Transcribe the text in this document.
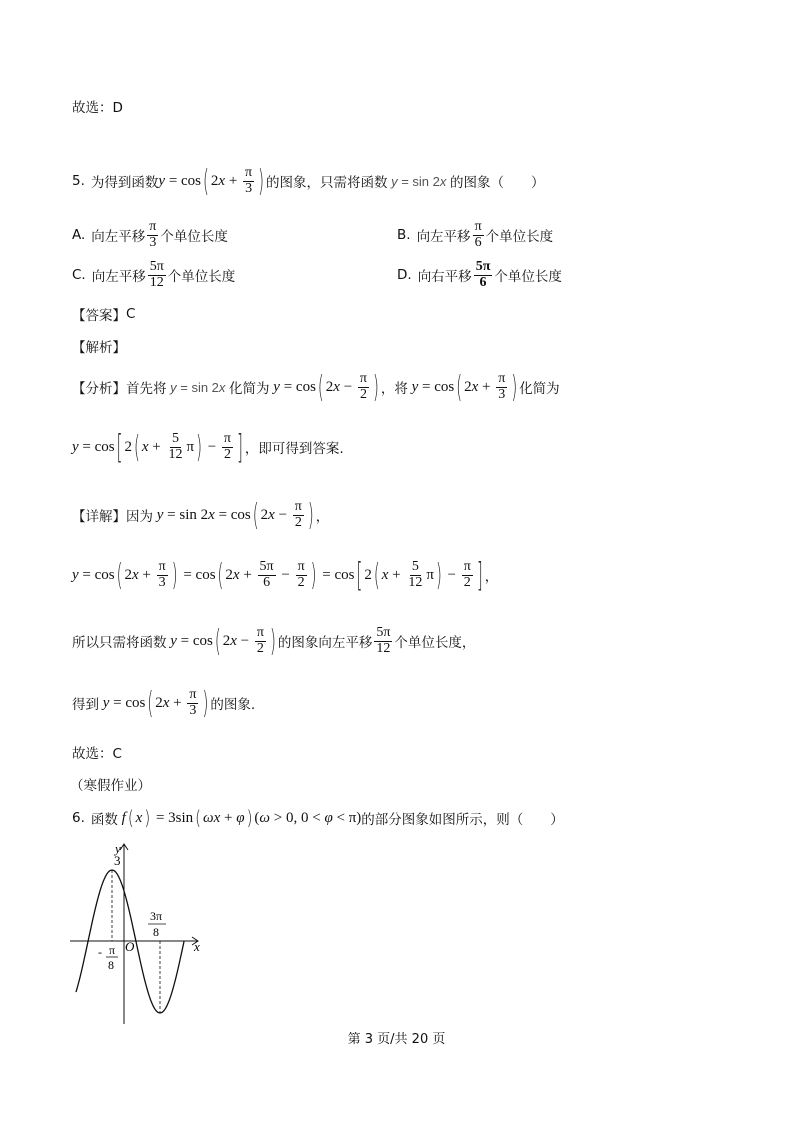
故选：D
5. 为得到函数 y = cos ( 2 $x + \frac{\pi}{3}$ ) 的图象，只需将函数 y = sin 2x 的图象（　　）
A. 向左平移 $\frac{\pi}{3}$ 个单位长度	B. 向左平移 $\frac{\pi}{6}$ 个单位长度
C. 向左平移 $\frac{5\pi}{12}$ 个单位长度	D. 向右平移 $\frac{5\pi}{6}$ 个单位长度
【答案】 C
【解析】
【分析】 首先将 y = sin 2x 化简为
y = cos ( 2 $x - \frac{\pi}{2}$ ) ，将
y = cos ( 2 $x + \frac{\pi}{3}$ ) 化简为
y = cos [ 2 ( $x + \frac{5}{12}$ π ) − $\frac{\pi}{2}$ ] ，即可得到答案.
【详解】 因为
y = sin 2 x = cos ( 2 $x - \frac{\pi}{2}$ ) ，
y = cos ( 2 $x + \frac{\pi}{3}$ ) = cos ( 2 $x + \frac{5\pi}{6} - \frac{\pi}{2}$ ) = cos [ 2 ( $x + \frac{5}{12}$ π ) − $\frac{\pi}{2}$ ] ，
所以只需将函数
y = cos ( 2 $x - \frac{\pi}{2}$ ) 的图象向左平移 $\frac{5\pi}{12}$ 个单位长度，
得到
y = cos ( 2 $x + \frac{\pi}{3}$ ) 的图象.
故选：C
（寒假作业）
6. 函数
f ( x ) = 3sin ( ωx + φ ) ( ω > 0, 0 < φ < π) 的部分图象如图所示，则（　　）
y
x
O
3
- π
8
3π
8
第 3 页/共 20 页
